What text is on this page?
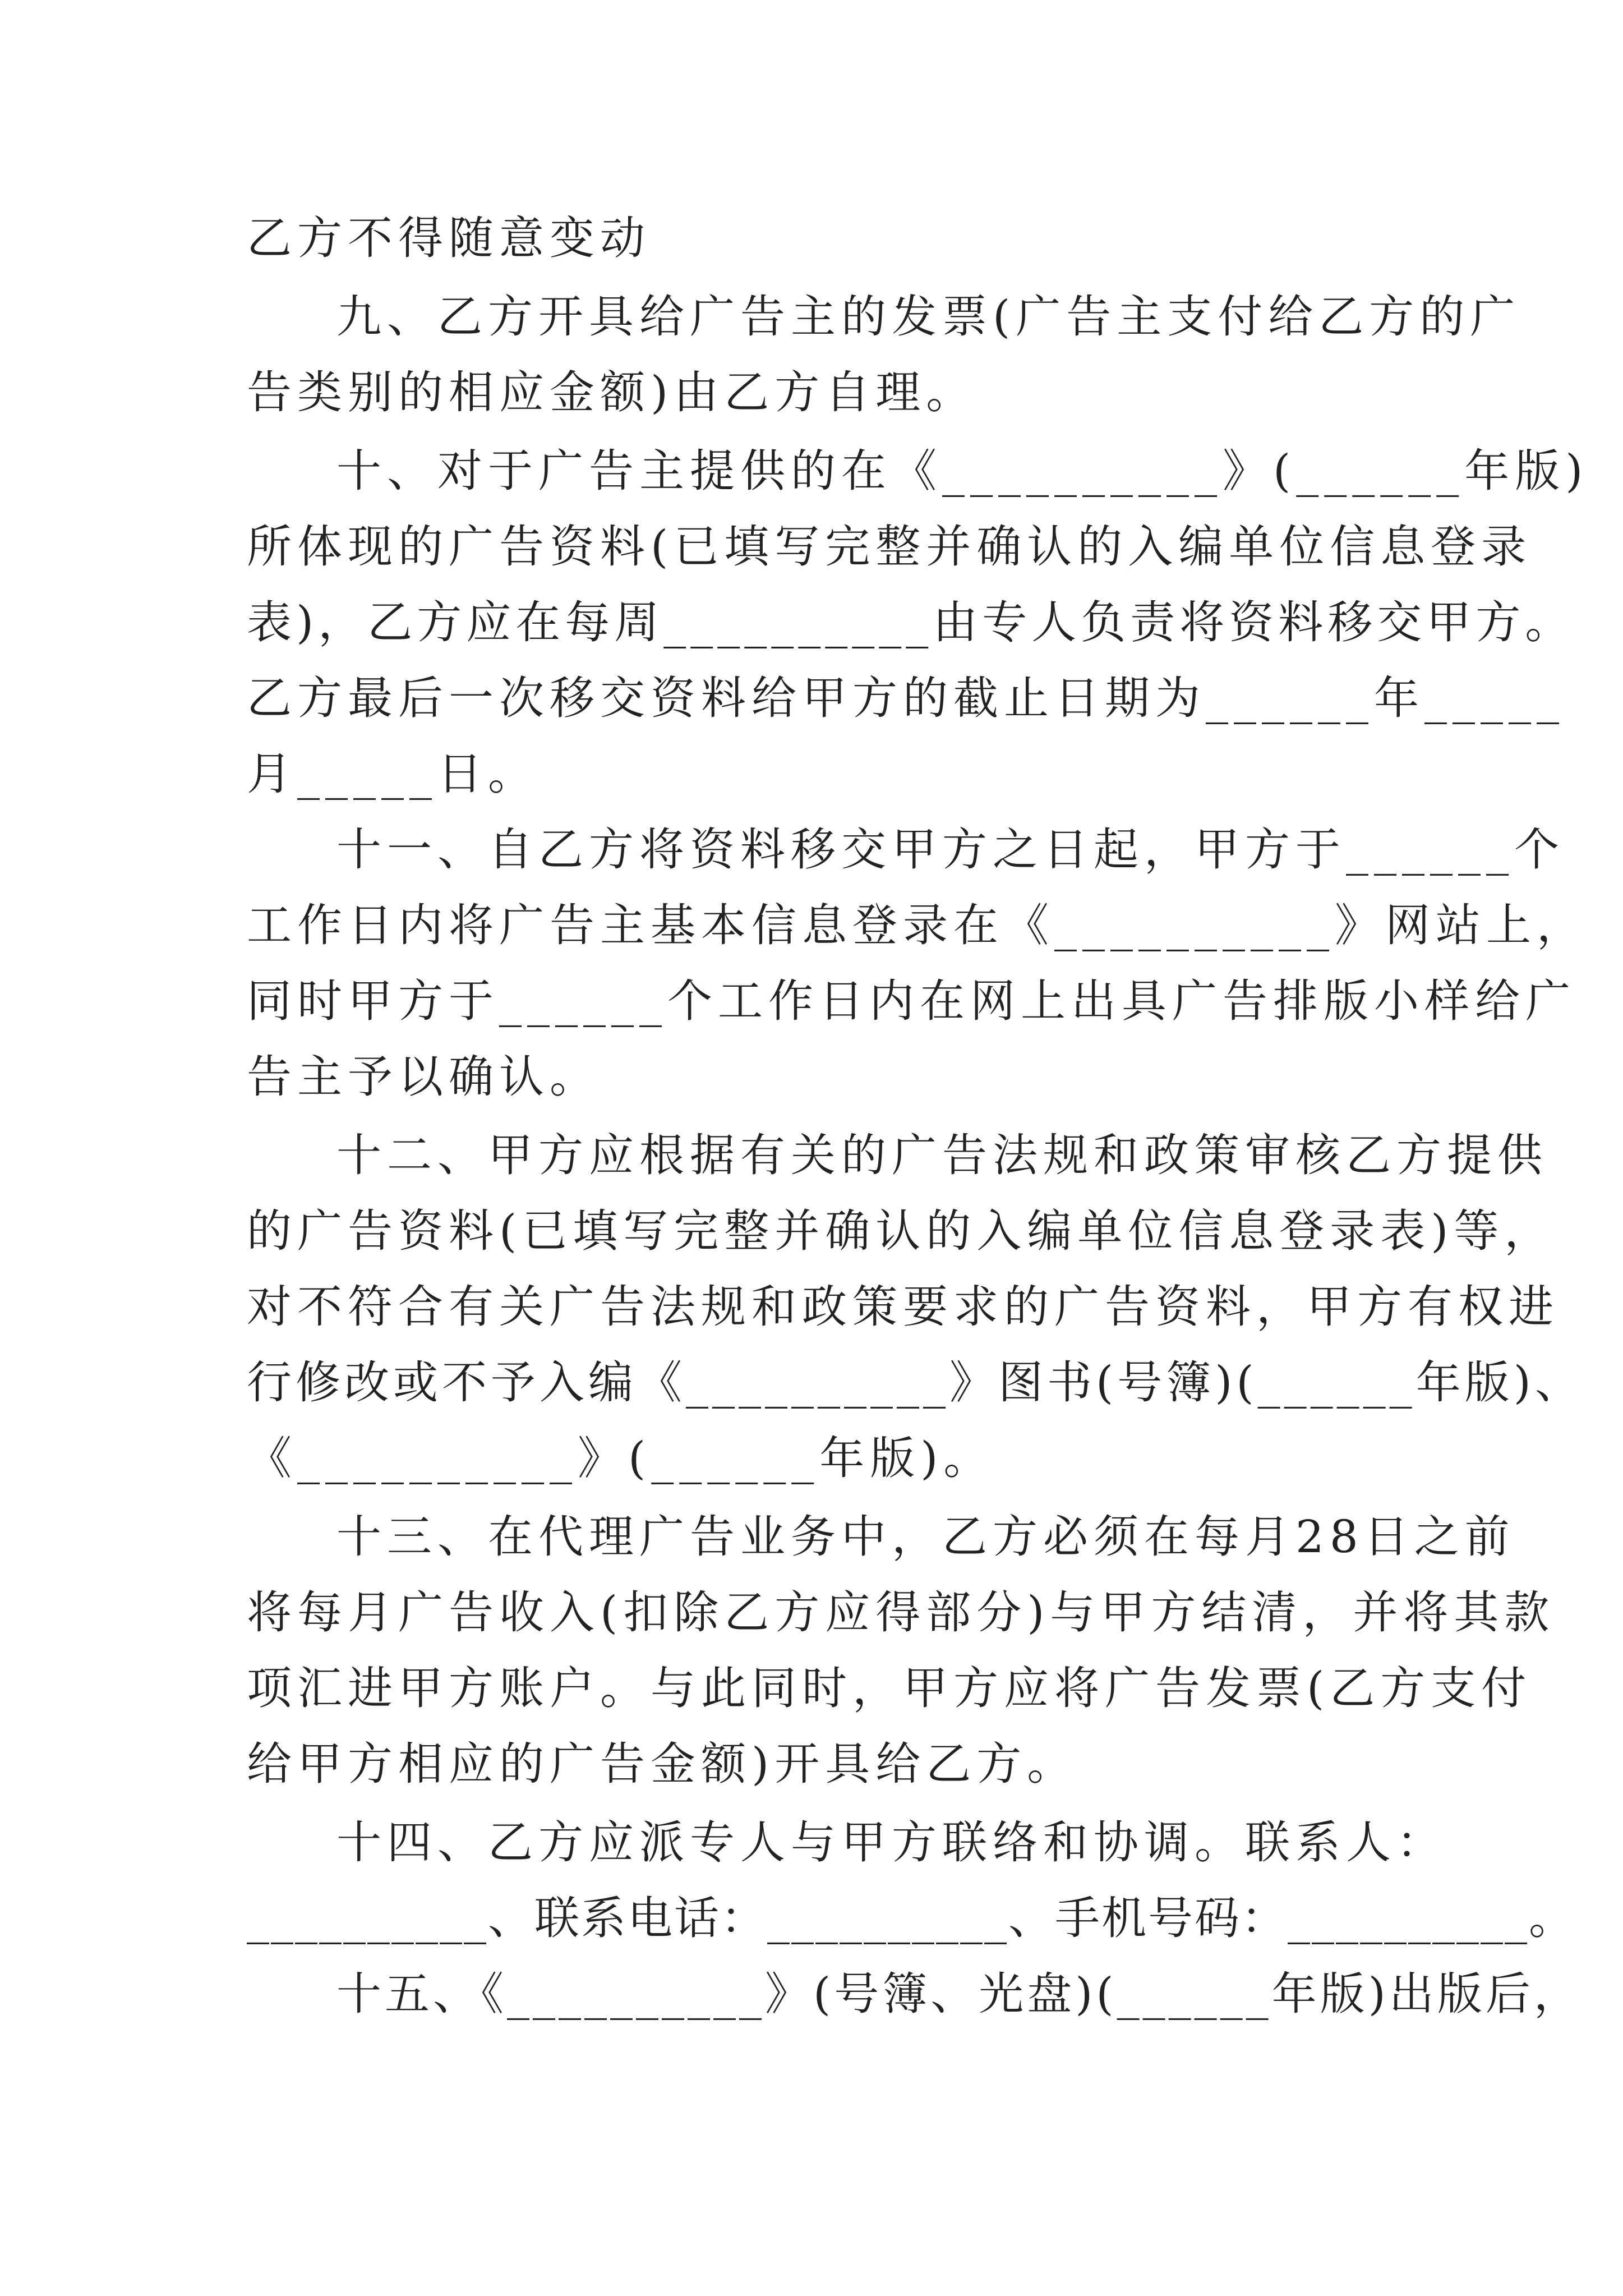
乙方不得随意变动

九、乙方开具给广告主的发票(广告主支付给乙方的广

告类别的相应金额)由乙方自理。

十、对于广告主提供的在《__________》(______年版)

所体现的广告资料(已填写完整并确认的入编单位信息登录

表)，乙方应在每周__________由专人负责将资料移交甲方。

乙方最后一次移交资料给甲方的截止日期为______年_____

月_____日。

十一、自乙方将资料移交甲方之日起，甲方于______个

工作日内将广告主基本信息登录在《__________》网站上，

同时甲方于______个工作日内在网上出具广告排版小样给广

告主予以确认。

十二、甲方应根据有关的广告法规和政策审核乙方提供

的广告资料(已填写完整并确认的入编单位信息登录表)等，

对不符合有关广告法规和政策要求的广告资料，甲方有权进

行修改或不予入编《__________》图书(号簿)(______年版)、

《__________》(______年版)。

十三、在代理广告业务中，乙方必须在每月28日之前

将每月广告收入(扣除乙方应得部分)与甲方结清，并将其款

项汇进甲方账户。与此同时，甲方应将广告发票(乙方支付

给甲方相应的广告金额)开具给乙方。

十四、乙方应派专人与甲方联络和协调。联系人：

__________、联系电话：__________、手机号码：__________。

十五、《__________》(号簿、光盘)(______年版)出版后，
